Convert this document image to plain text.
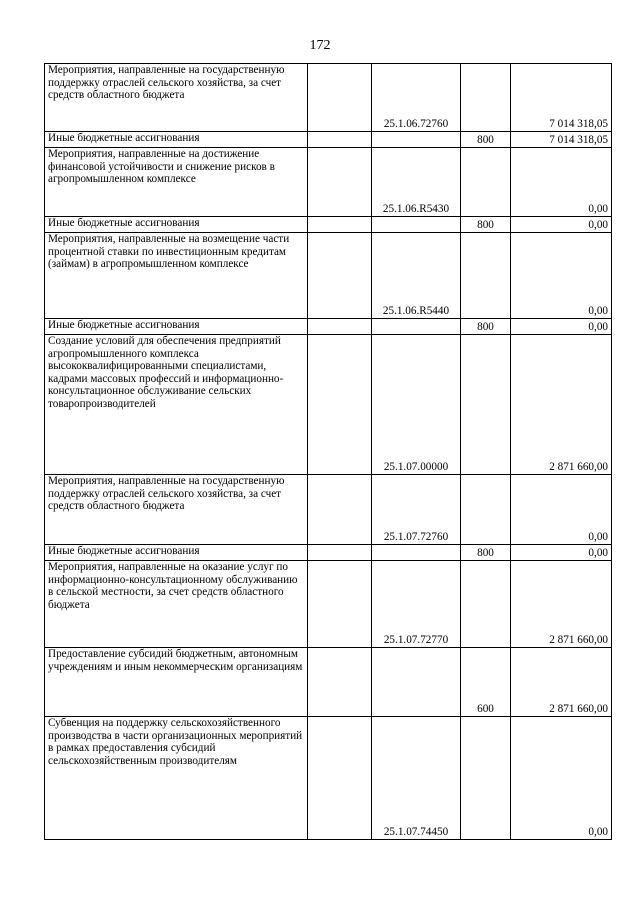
172
Мероприятия, направленные на государственную поддержку отраслей сельского хозяйства, за счет средств областного бюджета		25.1.06.72760		7 014 318,05
Иные бюджетные ассигнования			800	7 014 318,05
Мероприятия, направленные на достижение финансовой устойчивости и снижение рисков в агропромышленном комплексе		25.1.06.R5430		0,00
Иные бюджетные ассигнования			800	0,00
Мероприятия, направленные на возмещение части процентной ставки по инвестиционным кредитам (займам) в агропромышленном комплексе		25.1.06.R5440		0,00
Иные бюджетные ассигнования			800	0,00
Создание условий для обеспечения предприятий агропромышленного комплекса высококвалифицированными специалистами, кадрами массовых профессий и информационно-консультационное обслуживание сельских товаропроизводителей		25.1.07.00000		2 871 660,00
Мероприятия, направленные на государственную поддержку отраслей сельского хозяйства, за счет средств областного бюджета		25.1.07.72760		0,00
Иные бюджетные ассигнования			800	0,00
Мероприятия, направленные на оказание услуг по информационно-консультационному обслуживанию в сельской местности, за счет средств областного бюджета		25.1.07.72770		2 871 660,00
Предоставление субсидий бюджетным, автономным учреждениям и иным некоммерческим организациям			600	2 871 660,00
Субвенция на поддержку сельскохозяйственного производства в части организационных мероприятий в рамках предоставления субсидий сельскохозяйственным производителям		25.1.07.74450		0,00
